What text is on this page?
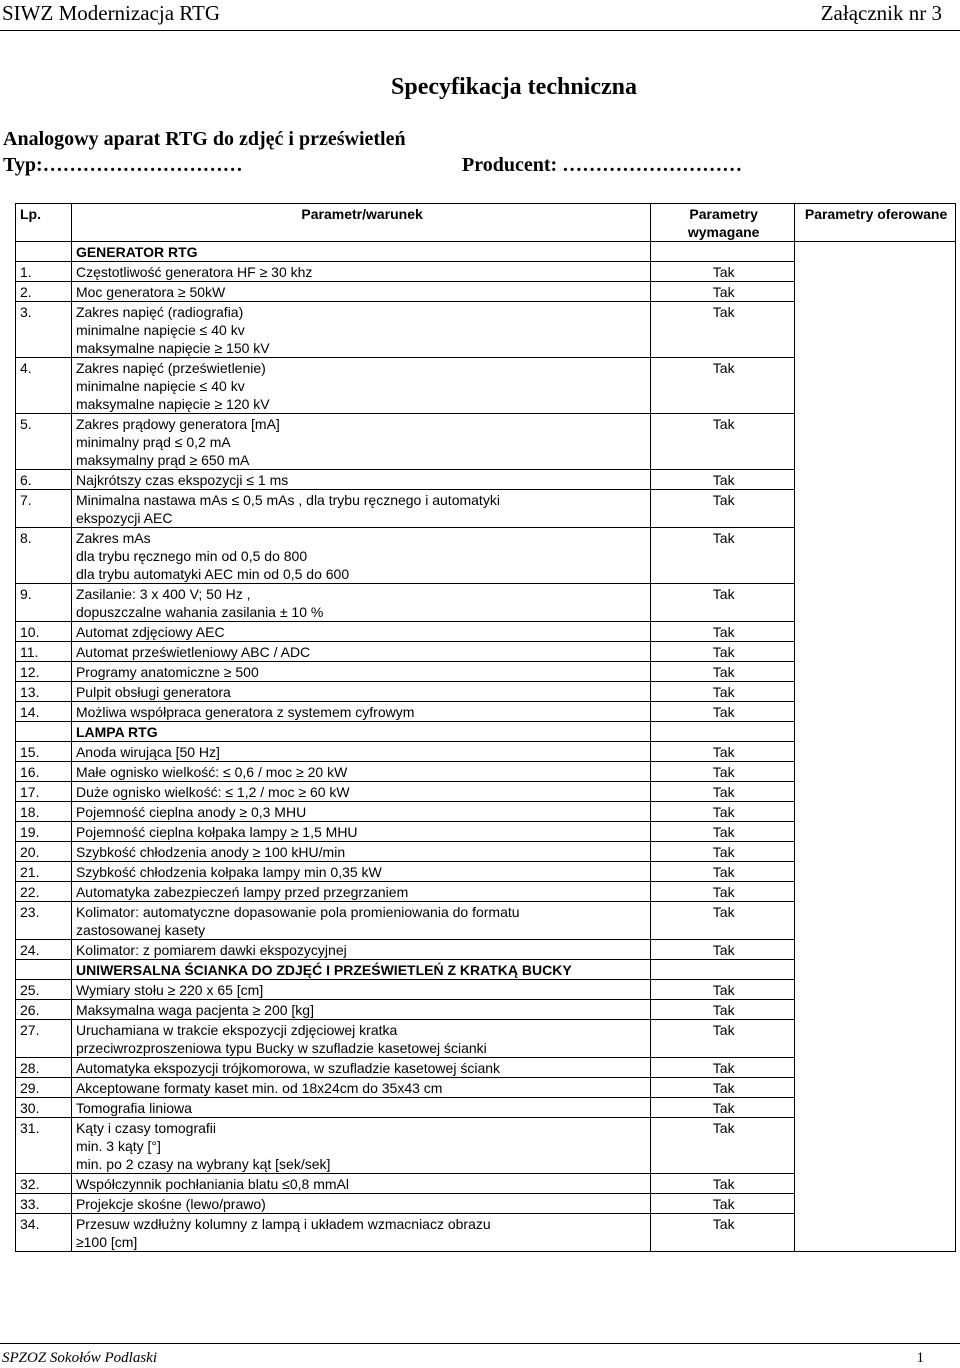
SIWZ Modernizacja RTG	Załącznik nr 3
Specyfikacja techniczna
Analogowy aparat RTG do zdjęć i prześwietleń
Typ:…………………………	Producent: ………………………
Lp.	Parametr/warunek	Parametry wymagane	Parametry oferowane
	GENERATOR RTG		
1.	Częstotliwość generatora HF ≥ 30 khz	Tak	
2.	Moc generatora ≥ 50kW	Tak	
3.	Zakres napięć (radiografia)
minimalne napięcie ≤ 40 kv
maksymalne napięcie ≥ 150 kV	Tak	
4.	Zakres napięć (prześwietlenie)
minimalne napięcie ≤ 40 kv
maksymalne napięcie ≥ 120 kV	Tak	
5.	Zakres prądowy generatora [mA]
minimalny prąd ≤ 0,2 mA
maksymalny prąd ≥ 650 mA	Tak	
6.	Najkrótszy czas ekspozycji ≤ 1 ms	Tak	
7.	Minimalna nastawa mAs ≤ 0,5 mAs , dla trybu ręcznego i automatyki
ekspozycji AEC	Tak	
8.	Zakres mAs
dla trybu ręcznego min od 0,5 do 800
dla trybu automatyki AEC min od 0,5 do 600	Tak	
9.	Zasilanie: 3 x 400 V; 50 Hz ,
dopuszczalne wahania zasilania ± 10 %	Tak	
10.	Automat zdjęciowy AEC	Tak	
11.	Automat prześwietleniowy ABC / ADC	Tak	
12.	Programy anatomiczne ≥ 500	Tak	
13.	Pulpit obsługi generatora	Tak	
14.	Możliwa współpraca generatora z systemem cyfrowym	Tak	
	LAMPA RTG		
15.	Anoda wirująca [50 Hz]	Tak	
16.	Małe ognisko wielkość: ≤ 0,6 / moc ≥ 20 kW	Tak	
17.	Duże ognisko wielkość: ≤ 1,2 / moc ≥ 60 kW	Tak	
18.	Pojemność cieplna anody ≥ 0,3 MHU	Tak	
19.	Pojemność cieplna kołpaka lampy ≥ 1,5 MHU	Tak	
20.	Szybkość chłodzenia anody ≥ 100 kHU/min	Tak	
21.	Szybkość chłodzenia kołpaka lampy min 0,35 kW	Tak	
22.	Automatyka zabezpieczeń lampy przed przegrzaniem	Tak	
23.	Kolimator: automatyczne dopasowanie pola promieniowania do formatu
zastosowanej kasety	Tak	
24.	Kolimator: z pomiarem dawki ekspozycyjnej	Tak	
	UNIWERSALNA ŚCIANKA DO ZDJĘĆ I PRZEŚWIETLEŃ Z KRATKĄ BUCKY		
25.	Wymiary stołu ≥ 220 x 65 [cm]	Tak	
26.	Maksymalna waga pacjenta ≥ 200 [kg]	Tak	
27.	Uruchamiana w trakcie ekspozycji zdjęciowej kratka
przeciwrozproszeniowa typu Bucky w szufladzie kasetowej ścianki	Tak	
28.	Automatyka ekspozycji trójkomorowa, w szufladzie kasetowej ściank	Tak	
29.	Akceptowane formaty kaset min. od 18x24cm do 35x43 cm	Tak	
30.	Tomografia liniowa	Tak	
31.	Kąty i czasy tomografii
min. 3 kąty [°]
min. po 2 czasy na wybrany kąt [sek/sek]	Tak	
32.	Współczynnik pochłaniania blatu ≤0,8 mmAl	Tak	
33.	Projekcje skośne (lewo/prawo)	Tak	
34.	Przesuw wzdłużny kolumny z lampą i układem wzmacniacz obrazu
≥100 [cm]	Tak	
SPZOZ Sokołów Podlaski	1
